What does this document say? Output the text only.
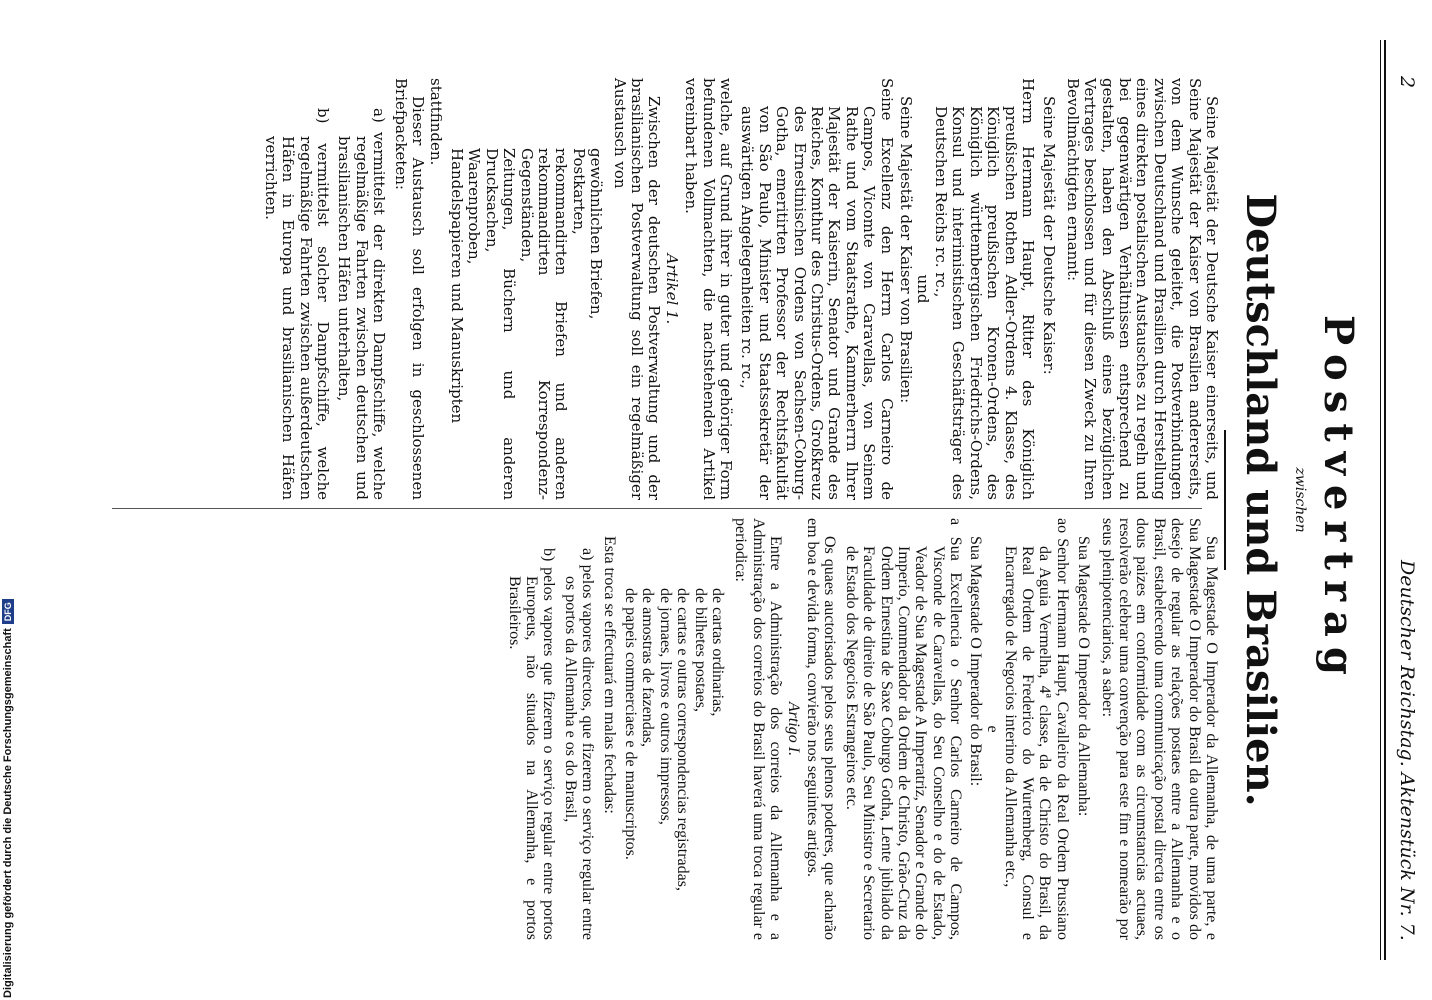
2
Deutscher Reichstag. Aktenstück Nr. 7.
Postvertrag
zwischen
Deutschland und Brasilien.

Seine Majestät der Deutsche Kaiser einerseits, und Seine Majestät der Kaiser von Brasilien andererseits, von dem Wunsche geleitet, die Postverbindungen zwischen Deutschland und Brasilien durch Herstellung eines direkten postalischen Austausches zu regeln und bei gegenwärtigen Verhältnissen entsprechend zu gestalten, haben den Abschluß eines bezüglichen Vertrages beschlossen und für diesen Zweck zu Ihren Bevollmächtigten ernannt:

Seine Majestät der Deutsche Kaiser:

Herrn Hermann Haupt, Ritter des Königlich preußischen Rothen Adler-Ordens 4. Klasse, des Königlich preußischen Kronen-Ordens, des Königlich württembergischen Friedrichs-Ordens, Konsul und interimistischen Geschäftsträger des Deutschen Reichs rc. rc.,

und

Seine Majestät der Kaiser von Brasilien:

Seine Excellenz den Herrn Carlos Carneiro de Campos, Vicomte von Caravellas, von Seinem Rathe und vom Staatsrathe, Kammerherrn Ihrer Majestät der Kaiserin, Senator und Grande des Reiches, Komthur des Christus-Ordens, Großkreuz des Ernestinischen Ordens von Sachsen-Coburg-Gotha, emeritirten Professor der Rechtsfakultät von São Paulo, Minister und Staatssekretär der auswärtigen Angelegenheiten rc. rc.,

welche, auf Grund ihrer in guter und gehöriger Form befundenen Vollmachten, die nachstehenden Artikel vereinbart haben.

Artikel 1.

Zwischen der deutschen Postverwaltung und der brasilianischen Postverwaltung soll ein regelmäßiger Austausch von

gewöhnlichen Briefen,

Postkarten,

rekommandirten Briefen und anderen rekommandirten Korrespondenz-Gegenständen,

Zeitungen, Büchern und anderen Drucksachen,

Waarenproben,

Handelspapieren und Manuskripten

stattfinden.

Dieser Austausch soll erfolgen in geschlossenen Briefpacketen:

a) vermittelst der direkten Dampfschiffe, welche regelmäßige Fahrten zwischen deutschen und brasilianischen Häfen unterhalten,

b) vermittelst solcher Dampfschiffe, welche regelmäßige Fahrten zwischen außerdeutschen Häfen in Europa und brasilianischen Häfen verrichten.

Sua Magestade O Imperador da Allemanha, de uma parte, e Sua Magestade O Imperador do Brasil da outra parte, movidos do desejo de regular as relações postaes entre a Allemanha e o Brasil, estabelecendo uma communicação postal directa entre os dous paizes em conformidade com as circumstancias actuaes, resolverão celebrar uma convenção para este fim e nomearão por seus plenipotenciarios, a saber:

Sua Magestade O Imperador da Allemanha:

ao Senhor Hermann Haupt, Cavalleiro da Real Ordem Prussiano da Aguia Vermelha, 4ª classe, da de Christo do Brasil, da Real Ordem de Frederico do Wurtemberg, Consul e Encarregado de Negocios interino da Allemanha etc.,

e

Sua Magestade O Imperador do Brasil:

a Sua Excellencia o Senhor Carlos Carneiro de Campos, Visconde de Caravellas, do Seu Conselho e do de Estado, Veador de Sua Magestade A Imperatriz, Senador e Grande do Imperio, Commendador da Ordem de Christo, Grão-Cruz da Ordem Ernestina de Saxe Coburgo Gotha, Lente jubilado da Faculdade de direito de São Paulo, Seu Ministro e Secretario de Estado dos Negocios Estrangeiros etc.

Os quaes auctorisados pelos seus plenos poderes, que acharão em boa e devida forma, convierão nos seguintes artigos.

Artigo I.

Entre a Administração dos correios da Allemanha e a Administração dos correios do Brasil haverá uma troca regular e periodica:

de cartas ordinarias,

de bilhetes postaes,

de cartas e outras correspondencias registradas,

de jornaes, livros e outros impressos,

de amostras de fazendas,

de papeis commerciaes e de manuscriptos.

Esta troca se effectuará em malas fechadas:

a) pelos vapores directos, que fizerem o serviço regular entre os portos da Allemanha e os do Brasil,

b) pelos vapores que fizerem o serviço regular entre portos Europeus, não situados na Allemanha, e portos Brasileiros.

Digitalisierung gefördert durch die Deutsche ForschungsgemeinschaftDFG
